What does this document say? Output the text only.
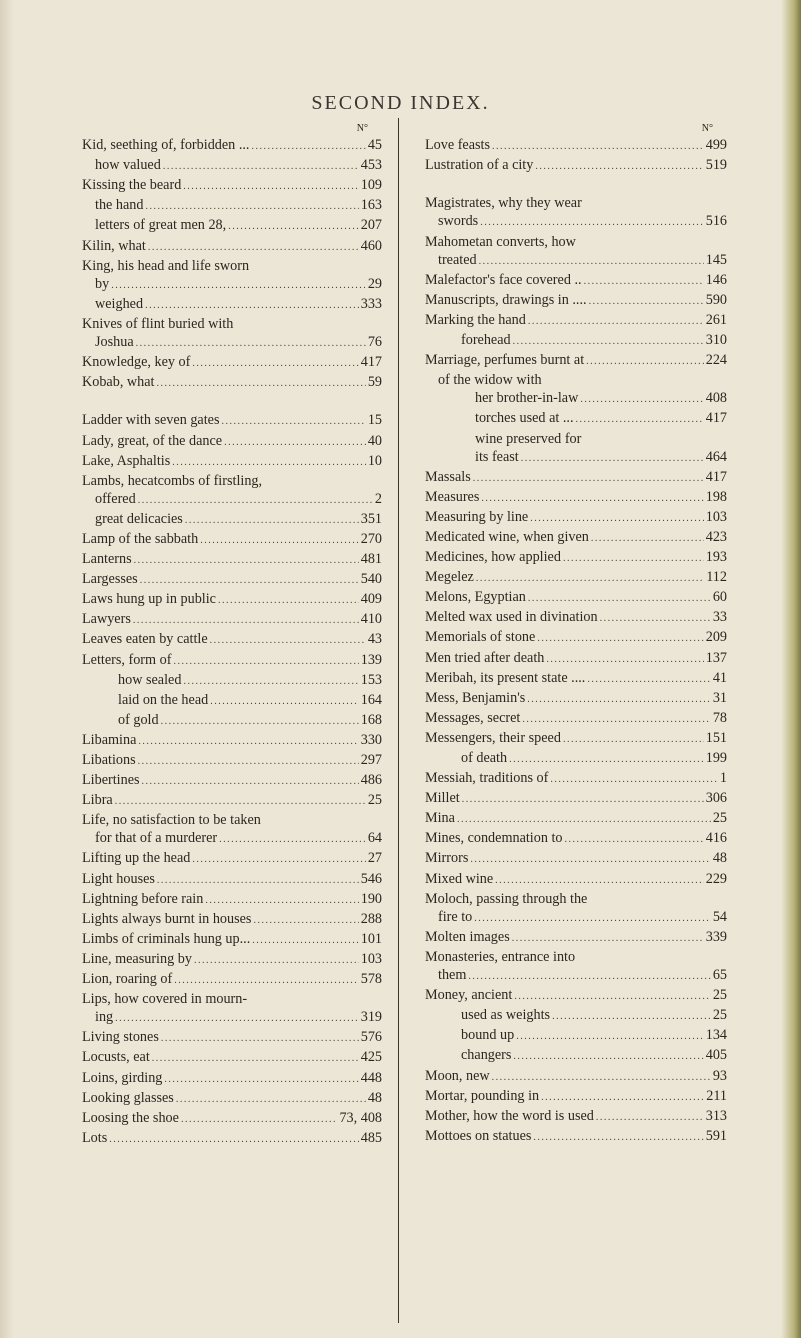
SECOND INDEX.
N°
Kid, seething of, forbidden ... .....	45
how valued .....	453
Kissing the beard .....	109
the hand .....	163
letters of great men 28, .....	207
Kilin, what .....	460
King, his head and life sworn
by .....	29
weighed .....	333
Knives of flint buried with
Joshua .....	76
Knowledge, key of .....	417
Kobab, what .....	59
Ladder with seven gates .....	15
Lady, great, of the dance .....	40
Lake, Asphaltis .....	10
Lambs, hecatcombs of firstling,
offered .....	2
great delicacies .....	351
Lamp of the sabbath .....	270
Lanterns .....	481
Largesses .....	540
Laws hung up in public .....	409
Lawyers .....	410
Leaves eaten by cattle .....	43
Letters, form of .....	139
how sealed .....	153
laid on the head .....	164
of gold .....	168
Libamina .....	330
Libations .....	297
Libertines .....	486
Libra .....	25
Life, no satisfaction to be taken
for that of a murderer .....	64
Lifting up the head .....	27
Light houses .....	546
Lightning before rain .....	190
Lights always burnt in houses .....	288
Limbs of criminals hung up... .....	101
Line, measuring by .....	103
Lion, roaring of .....	578
Lips, how covered in mourn-
ing .....	319
Living stones .....	576
Locusts, eat .....	425
Loins, girding .....	448
Looking glasses .....	48
Loosing the shoe .....	73, 408
Lots .....	485
N°
Love feasts .....	499
Lustration of a city .....	519
Magistrates, why they wear
swords .....	516
Mahometan converts, how
treated .....	145
Malefactor's face covered .. .....	146
Manuscripts, drawings in .... .....	590
Marking the hand .....	261
forehead .....	310
Marriage, perfumes burnt at .....	224
of the widow with
her brother-in-law .....	408
torches used at ... .....	417
wine preserved for
its feast .....	464
Massals .....	417
Measures .....	198
Measuring by line .....	103
Medicated wine, when given .....	423
Medicines, how applied .....	193
Megelez .....	112
Melons, Egyptian .....	60
Melted wax used in divination .....	33
Memorials of stone .....	209
Men tried after death .....	137
Meribah, its present state .... .....	41
Mess, Benjamin's .....	31
Messages, secret .....	78
Messengers, their speed .....	151
of death .....	199
Messiah, traditions of .....	1
Millet .....	306
Mina .....	25
Mines, condemnation to .....	416
Mirrors .....	48
Mixed wine .....	229
Moloch, passing through the
fire to .....	54
Molten images .....	339
Monasteries, entrance into
them .....	65
Money, ancient .....	25
used as weights .....	25
bound up .....	134
changers .....	405
Moon, new .....	93
Mortar, pounding in .....	211
Mother, how the word is used .....	313
Mottoes on statues .....	591
